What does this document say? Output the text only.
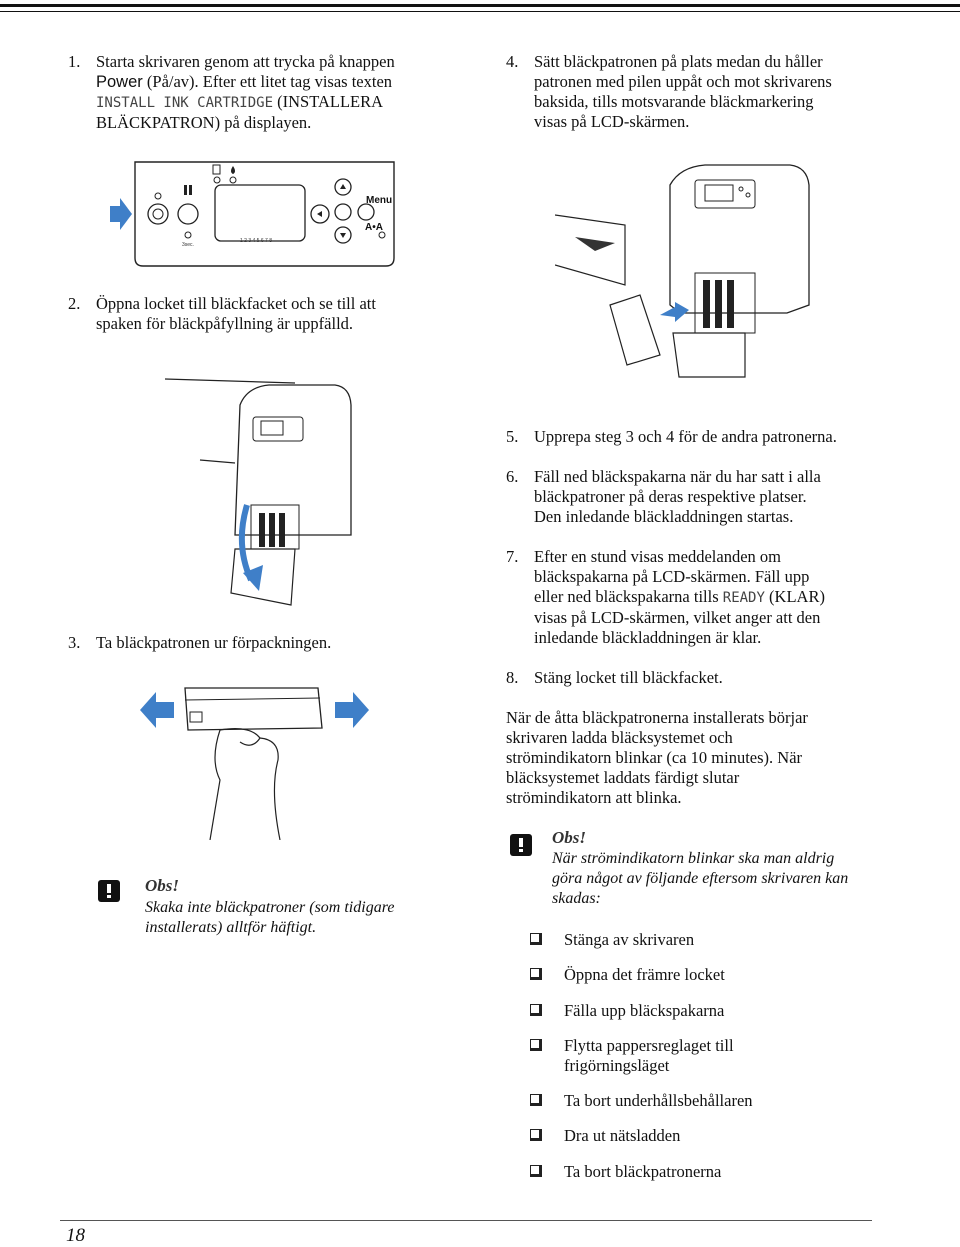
1. Starta skrivaren genom att trycka på knappen
Power (På/av). Efter ett litet tag visas texten
INSTALL INK CARTRIDGE (INSTALLERA
BLÄCKPATRON) på displayen.
4. Sätt bläckpatronen på plats medan du håller
patronen med pilen uppåt och mot skrivarens
baksida, tills motsvarande bläckmarkering
visas på LCD-skärmen.
Menu
A•A
3sec.
1 2 3 4 5 6 7 8
2. Öppna locket till bläckfacket och se till att
spaken för bläckpåfyllning är uppfälld.
5. Upprepa steg 3 och 4 för de andra patronerna.
6. Fäll ned bläckspakarna när du har satt i alla
bläckpatroner på deras respektive platser.
Den inledande bläckladdningen startas.
7. Efter en stund visas meddelanden om
bläckspakarna på LCD-skärmen. Fäll upp
eller ned bläckspakarna tills READY (KLAR)
visas på LCD-skärmen, vilket anger att den
inledande bläckladdningen är klar.
3. Ta bläckpatronen ur förpackningen.
8. Stäng locket till bläckfacket.
När de åtta bläckpatronerna installerats börjar
skrivaren ladda bläcksystemet och
strömindikatorn blinkar (ca 10 minutes). När
bläcksystemet laddats färdigt slutar
strömindikatorn att blinka.
Obs!
När strömindikatorn blinkar ska man aldrig
göra något av följande eftersom skrivaren kan
skadas:
Stänga av skrivaren
Öppna det främre locket
Fälla upp bläckspakarna
Flytta pappersreglaget till frigörningsläget
Ta bort underhållsbehållaren
Dra ut nätsladden
Ta bort bläckpatronerna
Obs!
Skaka inte bläckpatroner (som tidigare
installerats) alltför häftigt.
18
